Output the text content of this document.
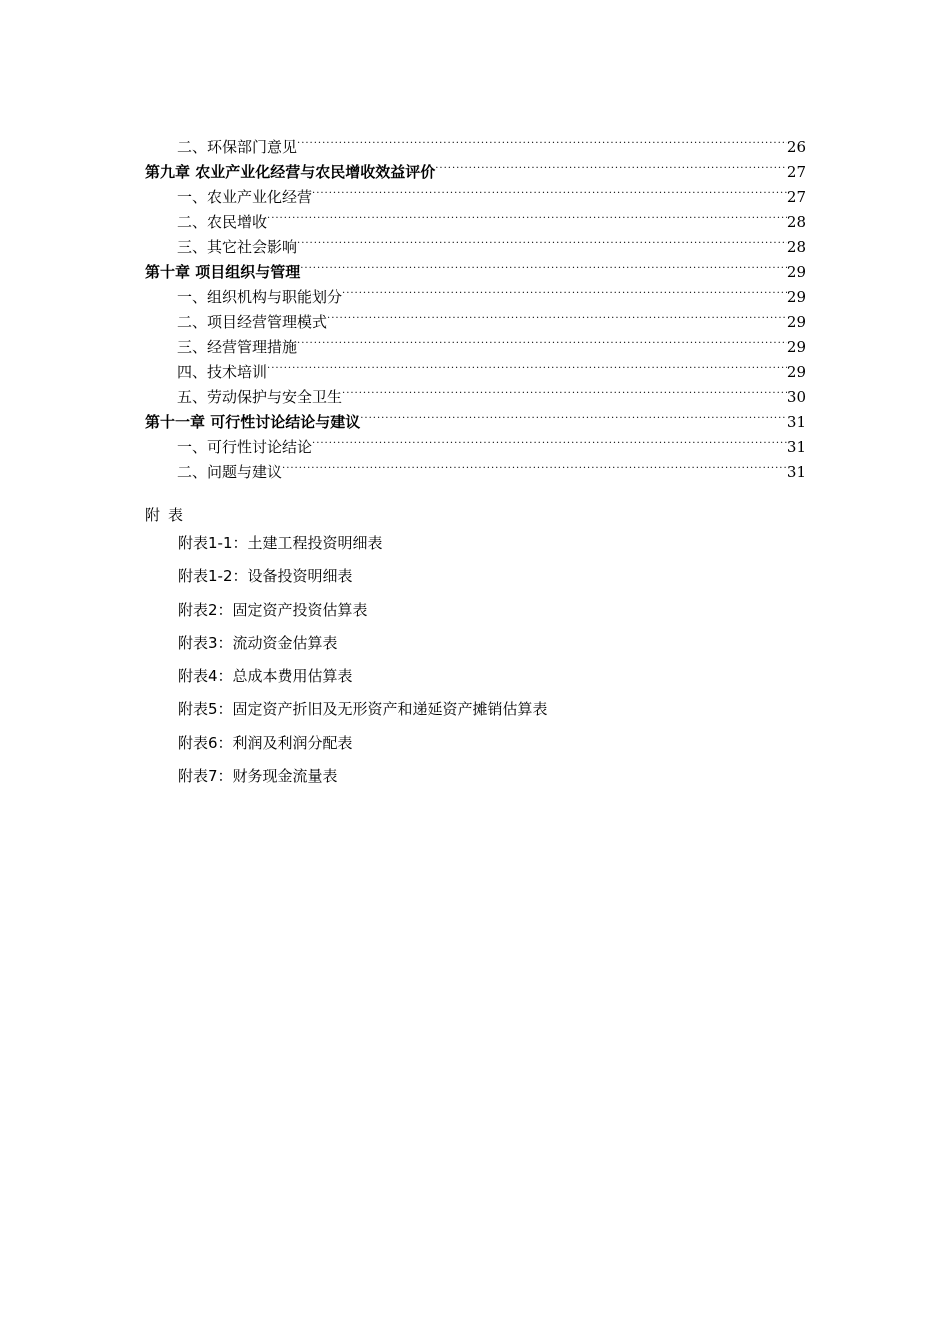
二、环保部门意见 .....	26
第九章 农业产业化经营与农民增收效益评价 .....	27
一、农业产业化经营 .....	27
二、农民增收 .....	28
三、其它社会影响 .....	28
第十章 项目组织与管理 .....	29
一、组织机构与职能划分 .....	29
二、项目经营管理模式 .....	29
三、经营管理措施 .....	29
四、技术培训 .....	29
五、劳动保护与安全卫生 .....	30
第十一章 可行性讨论结论与建议 .....	31
一、可行性讨论结论 .....	31
二、问题与建议 .....	31
附表
附表1-1：土建工程投资明细表
附表1-2：设备投资明细表
附表2：固定资产投资估算表
附表3：流动资金估算表
附表4：总成本费用估算表
附表5：固定资产折旧及无形资产和递延资产摊销估算表
附表6：利润及利润分配表
附表7：财务现金流量表
